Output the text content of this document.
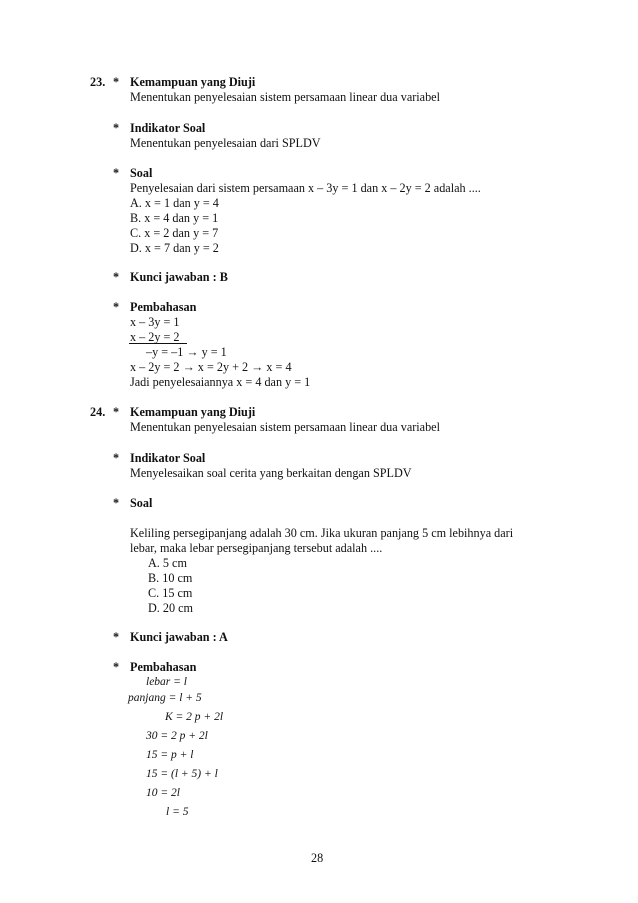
23. * Kemampuan yang Diuji
Menentukan penyelesaian sistem persamaan linear dua variabel
* Indikator Soal
Menentukan penyelesaian dari SPLDV
* Soal
Penyelesaian dari sistem persamaan x – 3y = 1 dan x – 2y = 2 adalah ....
A. x = 1 dan y = 4
B. x = 4 dan y = 1
C. x = 2 dan y = 7
D. x = 7 dan y = 2
* Kunci jawaban : B
* Pembahasan
x – 3y = 1
x – 2y = 2
–y = –1 → y = 1
x – 2y = 2 → x = 2y + 2 → x = 4
Jadi penyelesaiannya x = 4 dan y = 1
24. * Kemampuan yang Diuji
Menentukan penyelesaian sistem persamaan linear dua variabel
* Indikator Soal
Menyelesaikan soal cerita yang berkaitan dengan SPLDV
* Soal
Keliling persegipanjang adalah 30 cm. Jika ukuran panjang 5 cm lebihnya dari
lebar, maka lebar persegipanjang tersebut adalah ....
A. 5 cm
B. 10 cm
C. 15 cm
D. 20 cm
* Kunci jawaban : A
* Pembahasan
lebar = l
panjang = l + 5
K = 2 p + 2l
30 = 2 p + 2l
15 = p + l
15 = (l + 5) + l
10 = 2l
l = 5
28
